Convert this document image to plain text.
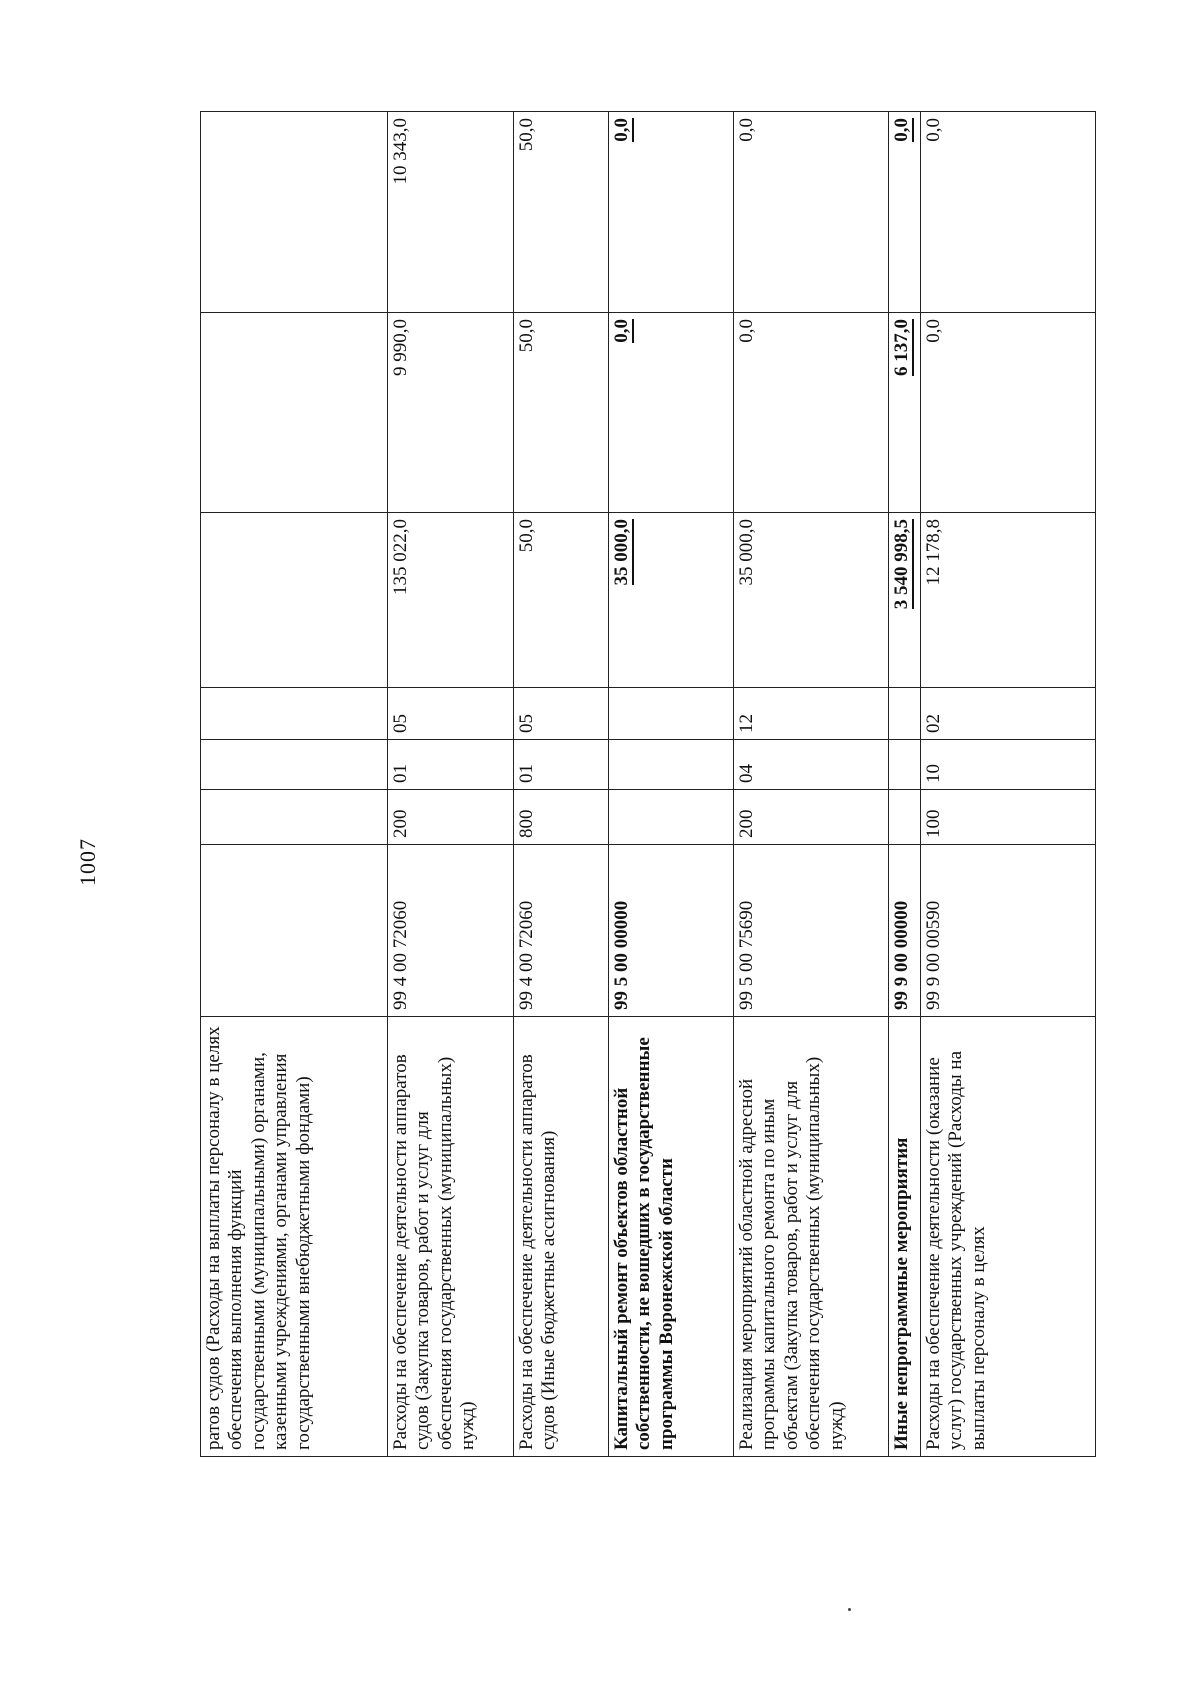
1007
ратов судов (Расходы на выплаты персоналу в целях обеспечения выполнения функций государственными (муниципальными) органами, казенными учреждениями, органами управления государственными внебюджетными фондами)							
Расходы на обеспечение деятельности аппаратов судов (Закупка товаров, работ и услуг для обеспечения государственных (муниципальных) нужд)	99 4 00 72060	200	01	05	135 022,0	9 990,0	10 343,0
Расходы на обеспечение деятельности аппаратов судов (Иные бюджетные ассигнования)	99 4 00 72060	800	01	05	50,0	50,0	50,0
Капитальный ремонт объектов областной собственности, не вошедших в государственные программы Воронежской области	99 5 00 00000				35 000,0	0,0	0,0
Реализация мероприятий областной адресной программы капитального ремонта по иным объектам (Закупка товаров, работ и услуг для обеспечения государственных (муниципальных) нужд)	99 5 00 75690	200	04	12	35 000,0	0,0	0,0
Иные непрограммные мероприятия	99 9 00 00000				3 540 998,5	6 137,0	0,0
Расходы на обеспечение деятельности (оказание услуг) государственных учреждений (Расходы на выплаты персоналу в целях	99 9 00 00590	100	10	02	12 178,8	0,0	0,0
